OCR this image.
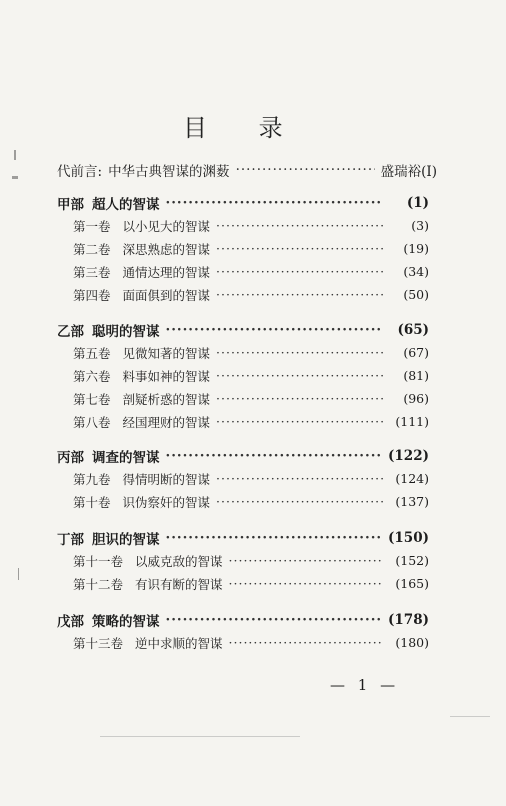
目 录
代前言: 中华古典智谋的渊薮 ·····	盛瑞裕(Ⅰ)
甲部 超人的智谋 ·····	(1)
第一卷 以小见大的智谋 ·····	(3)
第二卷 深思熟虑的智谋 ·····	(19)
第三卷 通情达理的智谋 ·····	(34)
第四卷 面面俱到的智谋 ·····	(50)
乙部 聪明的智谋 ·····	(65)
第五卷 见微知著的智谋 ·····	(67)
第六卷 料事如神的智谋 ·····	(81)
第七卷 剖疑析惑的智谋 ·····	(96)
第八卷 经国理财的智谋 ·····	(111)
丙部 调查的智谋 ·····	(122)
第九卷 得情明断的智谋 ·····	(124)
第十卷 识伪察奸的智谋 ·····	(137)
丁部 胆识的智谋 ·····	(150)
第十一卷 以威克敌的智谋 ·····	(152)
第十二卷 有识有断的智谋 ·····	(165)
戊部 策略的智谋 ·····	(178)
第十三卷 逆中求顺的智谋 ·····	(180)
— 1 —
